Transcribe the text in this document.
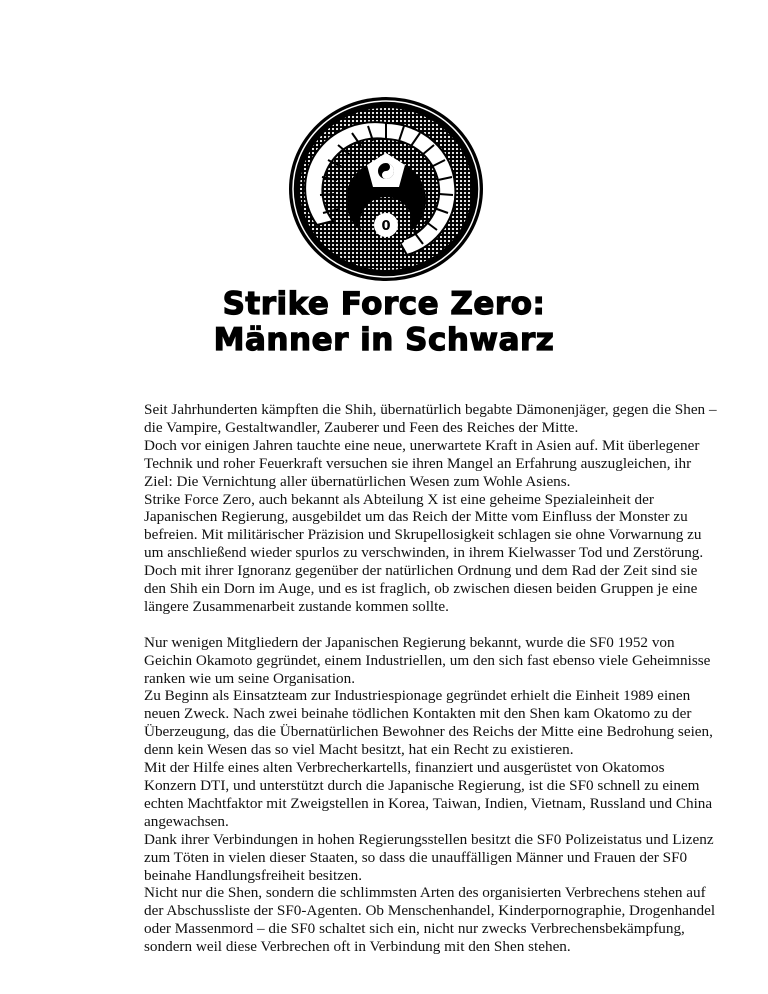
0
Strike Force Zero:
Männer in Schwarz
Seit Jahrhunderten kämpften die Shih, übernatürlich begabte Dämonenjäger, gegen die Shen –
die Vampire, Gestaltwandler, Zauberer und Feen des Reiches der Mitte.
Doch vor einigen Jahren tauchte eine neue, unerwartete Kraft in Asien auf. Mit überlegener
Technik und roher Feuerkraft versuchen sie ihren Mangel an Erfahrung auszugleichen, ihr
Ziel: Die Vernichtung aller übernatürlichen Wesen zum Wohle Asiens.
Strike Force Zero, auch bekannt als Abteilung X ist eine geheime Spezialeinheit der
Japanischen Regierung, ausgebildet um das Reich der Mitte vom Einfluss der Monster zu
befreien. Mit militärischer Präzision und Skrupellosigkeit schlagen sie ohne Vorwarnung zu
um anschließend wieder spurlos zu verschwinden, in ihrem Kielwasser Tod und Zerstörung.
Doch mit ihrer Ignoranz gegenüber der natürlichen Ordnung und dem Rad der Zeit sind sie
den Shih ein Dorn im Auge, und es ist fraglich, ob zwischen diesen beiden Gruppen je eine
längere Zusammenarbeit zustande kommen sollte.
Nur wenigen Mitgliedern der Japanischen Regierung bekannt, wurde die SF0 1952 von
Geichin Okamoto gegründet, einem Industriellen, um den sich fast ebenso viele Geheimnisse
ranken wie um seine Organisation.
Zu Beginn als Einsatzteam zur Industriespionage gegründet erhielt die Einheit 1989 einen
neuen Zweck. Nach zwei beinahe tödlichen Kontakten mit den Shen kam Okatomo zu der
Überzeugung, das die Übernatürlichen Bewohner des Reichs der Mitte eine Bedrohung seien,
denn kein Wesen das so viel Macht besitzt, hat ein Recht zu existieren.
Mit der Hilfe eines alten Verbrecherkartells, finanziert und ausgerüstet von Okatomos
Konzern DTI, und unterstützt durch die Japanische Regierung, ist die SF0 schnell zu einem
echten Machtfaktor mit Zweigstellen in Korea, Taiwan, Indien, Vietnam, Russland und China
angewachsen.
Dank ihrer Verbindungen in hohen Regierungsstellen besitzt die SF0 Polizeistatus und Lizenz
zum Töten in vielen dieser Staaten, so dass die unauffälligen Männer und Frauen der SF0
beinahe Handlungsfreiheit besitzen.
Nicht nur die Shen, sondern die schlimmsten Arten des organisierten Verbrechens stehen auf
der Abschussliste der SF0-Agenten. Ob Menschenhandel, Kinderpornographie, Drogenhandel
oder Massenmord – die SF0 schaltet sich ein, nicht nur zwecks Verbrechensbekämpfung,
sondern weil diese Verbrechen oft in Verbindung mit den Shen stehen.
